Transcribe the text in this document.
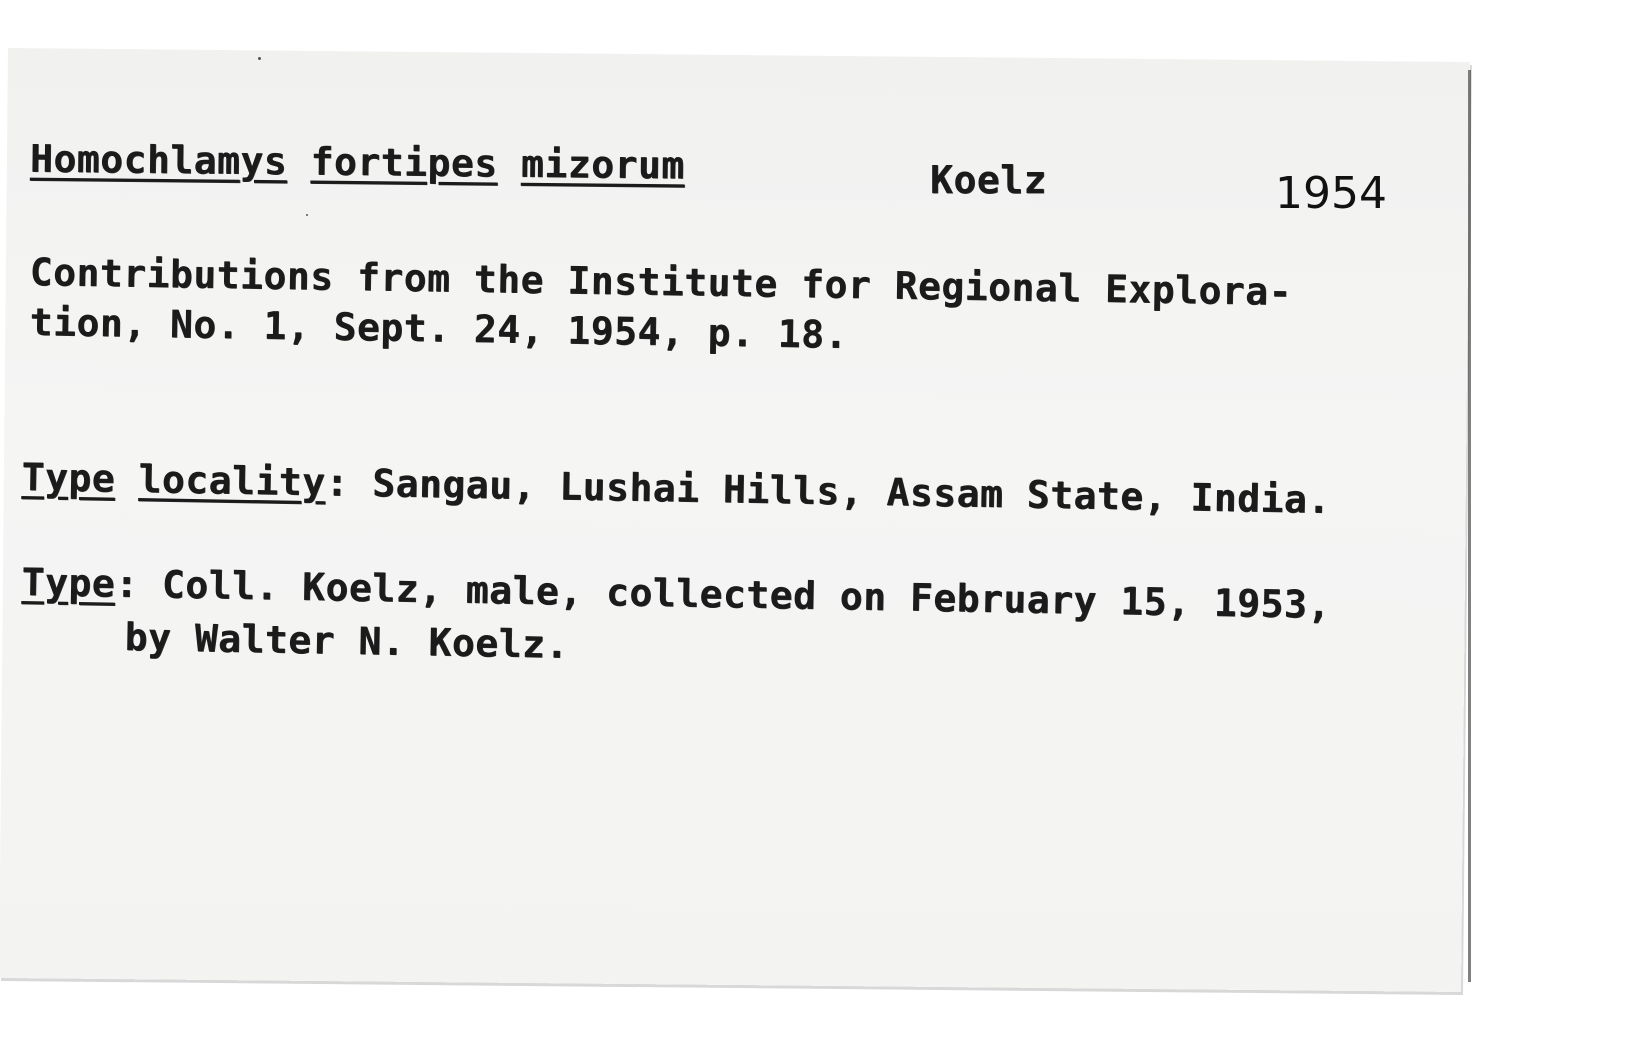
Homochlamys fortipes mizorum	Koelz	1954
Contributions from the Institute for Regional Explora-
tion, No. 1, Sept. 24, 1954, p. 18.
Type locality: Sangau, Lushai Hills, Assam State, India.
Type: Coll. Koelz, male, collected on February 15, 1953,
by Walter N. Koelz.
